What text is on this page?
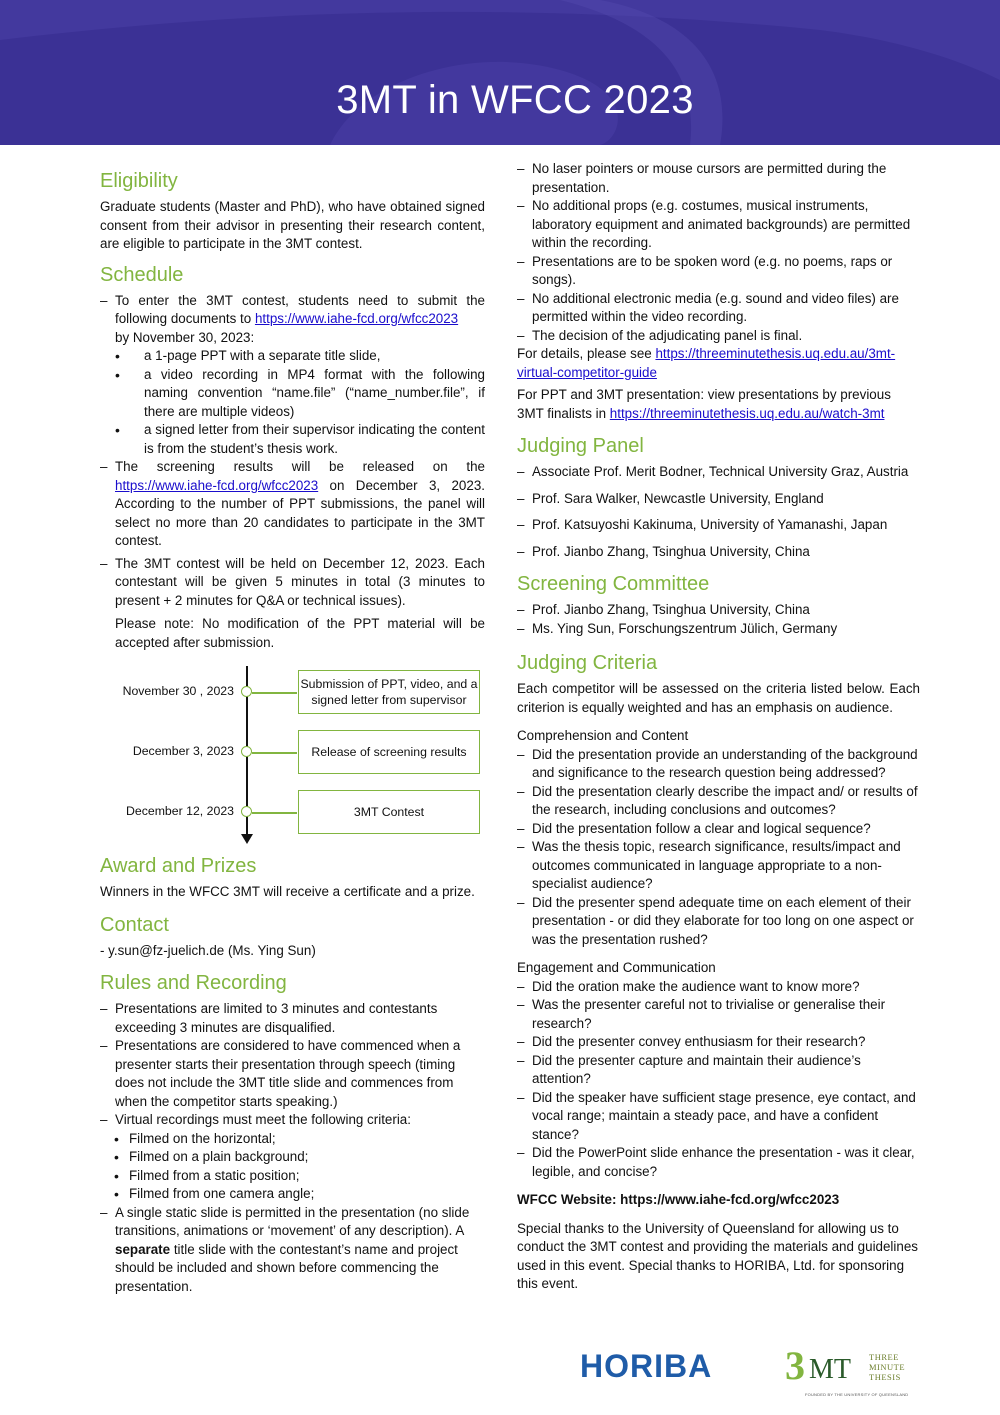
3MT in WFCC 2023
Eligibility

Graduate students (Master and PhD), who have obtained signed consent from their advisor in presenting their research content, are eligible to participate in the 3MT contest.

Schedule
– To enter the 3MT contest, students need to submit the following documents to https://www.iahe-fcd.org/wfcc2023
by November 30, 2023:
• a 1-page PPT with a separate title slide,
• a video recording in MP4 format with the following naming convention “name.file” (“name_number.file”, if there are multiple videos)
• a signed letter from their supervisor indicating the content is from the student’s thesis work.
– The screening results will be released on the https://www.iahe-fcd.org/wfcc2023 on December 3, 2023. According to the number of PPT submissions, the panel will select no more than 20 candidates to participate in the 3MT contest.
– The 3MT contest will be held on December 12, 2023. Each contestant will be given 5 minutes in total (3 minutes to present + 2 minutes for Q&A or technical issues).

Please note: No modification of the PPT material will be accepted after submission.

November 30 , 2023	Submission of PPT, video, and a signed letter from supervisor
December 3, 2023	Release of screening results
December 12, 2023	3MT Contest
Award and Prizes

Winners in the WFCC 3MT will receive a certificate and a prize.

Contact

- y.sun@fz-juelich.de (Ms. Ying Sun)

Rules and Recording
– Presentations are limited to 3 minutes and contestants exceeding 3 minutes are disqualified.
– Presentations are considered to have commenced when a presenter starts their presentation through speech (timing does not include the 3MT title slide and commences from when the competitor starts speaking.)
– Virtual recordings must meet the following criteria:
• Filmed on the horizontal;
• Filmed on a plain background;
• Filmed from a static position;
• Filmed from one camera angle;
– A single static slide is permitted in the presentation (no slide transitions, animations or ‘movement’ of any description). A separate title slide with the contestant’s name and project should be included and shown before commencing the presentation.
– No laser pointers or mouse cursors are permitted during the presentation.
– No additional props (e.g. costumes, musical instruments, laboratory equipment and animated backgrounds) are permitted within the recording.
– Presentations are to be spoken word (e.g. no poems, raps or songs).
– No additional electronic media (e.g. sound and video files) are permitted within the video recording.
– The decision of the adjudicating panel is final.

For details, please see https://threeminutethesis.uq.edu.au/3mt-virtual-competitor-guide

For PPT and 3MT presentation: view presentations by previous 3MT finalists in https://threeminutethesis.uq.edu.au/watch-3mt

Judging Panel
– Associate Prof. Merit Bodner, Technical University Graz, Austria
– Prof. Sara Walker, Newcastle University, England
– Prof. Katsuyoshi Kakinuma, University of Yamanashi, Japan
– Prof. Jianbo Zhang, Tsinghua University, China
Screening Committee
– Prof. Jianbo Zhang, Tsinghua University, China
– Ms. Ying Sun, Forschungszentrum Jülich, Germany
Judging Criteria

Each competitor will be assessed on the criteria listed below. Each criterion is equally weighted and has an emphasis on audience.

Comprehension and Content

– Did the presentation provide an understanding of the background and significance to the research question being addressed?
– Did the presentation clearly describe the impact and/ or results of the research, including conclusions and outcomes?
– Did the presentation follow a clear and logical sequence?
– Was the thesis topic, research significance, results/impact and outcomes communicated in language appropriate to a non-specialist audience?
– Did the presenter spend adequate time on each element of their presentation - or did they elaborate for too long on one aspect or was the presentation rushed?

Engagement and Communication

– Did the oration make the audience want to know more?
– Was the presenter careful not to trivialise or generalise their research?
– Did the presenter convey enthusiasm for their research?
– Did the presenter capture and maintain their audience’s attention?
– Did the speaker have sufficient stage presence, eye contact, and vocal range; maintain a steady pace, and have a confident stance?
– Did the PowerPoint slide enhance the presentation - was it clear, legible, and concise?

WFCC Website: https://www.iahe-fcd.org/wfcc2023

Special thanks to the University of Queensland for allowing us to conduct the 3MT contest and providing the materials and guidelines used in this event. Special thanks to HORIBA, Ltd. for sponsoring this event.

HORIBA 3 MT THREE
MINUTE
THESIS
FOUNDED BY THE UNIVERSITY OF QUEENSLAND
